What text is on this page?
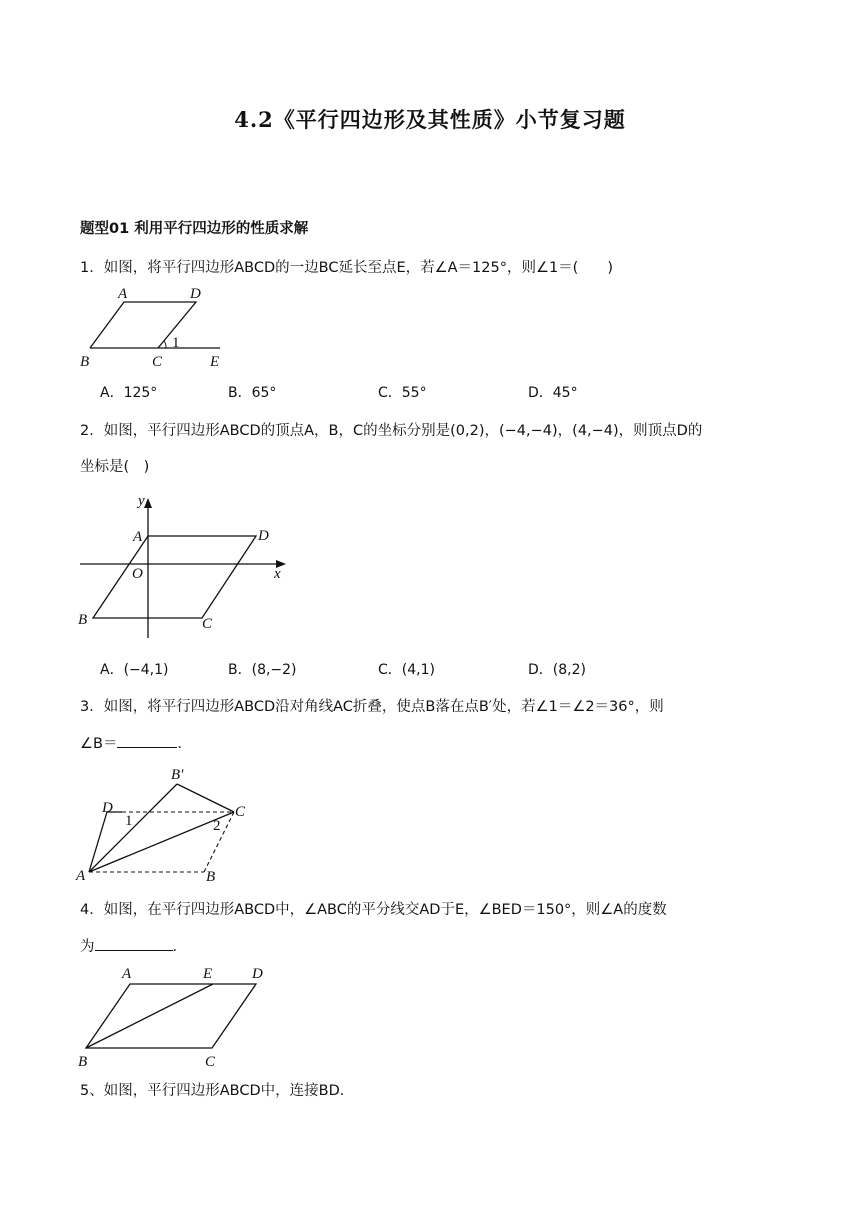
4.2《平行四边形及其性质》小节复习题
题型01 利用平行四边形的性质求解
1．如图，将平行四边形ABCD的一边BC延长至点E，若∠A＝125°，则∠1＝(　　)
A	D
B	C	E
1
A．125°	B．65°	C．55°	D．45°
2．如图，平行四边形ABCD的顶点A，B，C的坐标分别是(0,2)，(−4,−4)，(4,−4)，则顶点D的
坐标是(　)
y
x
O
A	D
B	C
A．(−4,1)	B．(8,−2)	C．(4,1)	D．(8,2)
3．如图，将平行四边形ABCD沿对角线AC折叠，使点B落在点B′处，若∠1＝∠2＝36°，则
∠B＝	．
B′
D	C
A	B
1	2
4．如图，在平行四边形ABCD中，∠ABC的平分线交AD于E，∠BED＝150°，则∠A的度数
为	．
A	E	D
B	C
5、如图，平行四边形ABCD中，连接BD．
